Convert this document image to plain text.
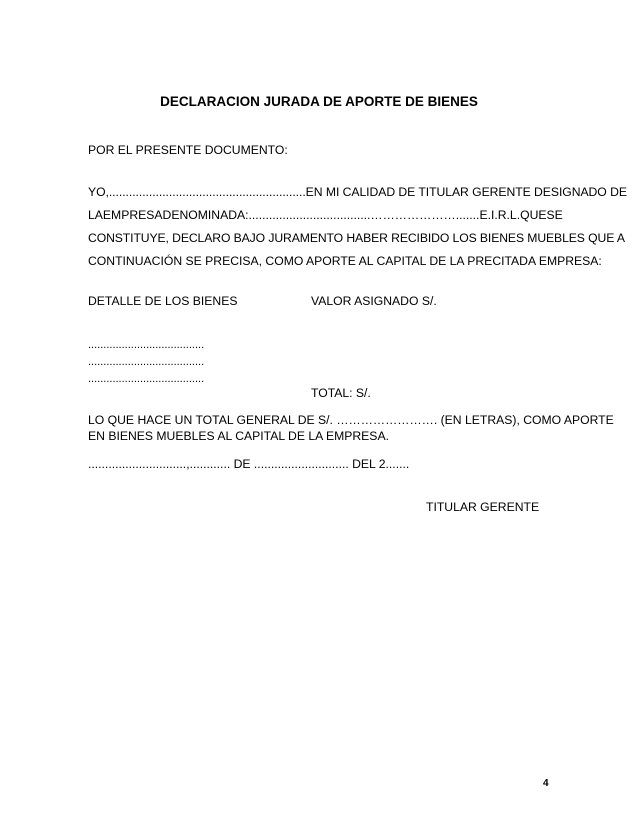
DECLARACION JURADA DE APORTE DE BIENES
POR EL PRESENTE DOCUMENTO:
YO,...........................................................EN MI CALIDAD DE TITULAR GERENTE DESIGNADO DE
LA EMPRESA DENOMINADA: ....................................…………………....... E.I.R.L. QUE SE
CONSTITUYE, DECLARO BAJO JURAMENTO HABER RECIBIDO LOS BIENES MUEBLES QUE A
CONTINUACIÓN SE PRECISA, COMO APORTE AL CAPITAL DE LA PRECITADA EMPRESA:
DETALLE DE LOS BIENES	VALOR ASIGNADO S/.
......................................
......................................
......................................
TOTAL: S/.
LO QUE HACE UN TOTAL GENERAL DE S/. ……………………. (EN LETRAS), COMO APORTE
EN BIENES MUEBLES AL CAPITAL DE LA EMPRESA.
.............................,............ DE ............................ DEL 2.......
TITULAR GERENTE
4
